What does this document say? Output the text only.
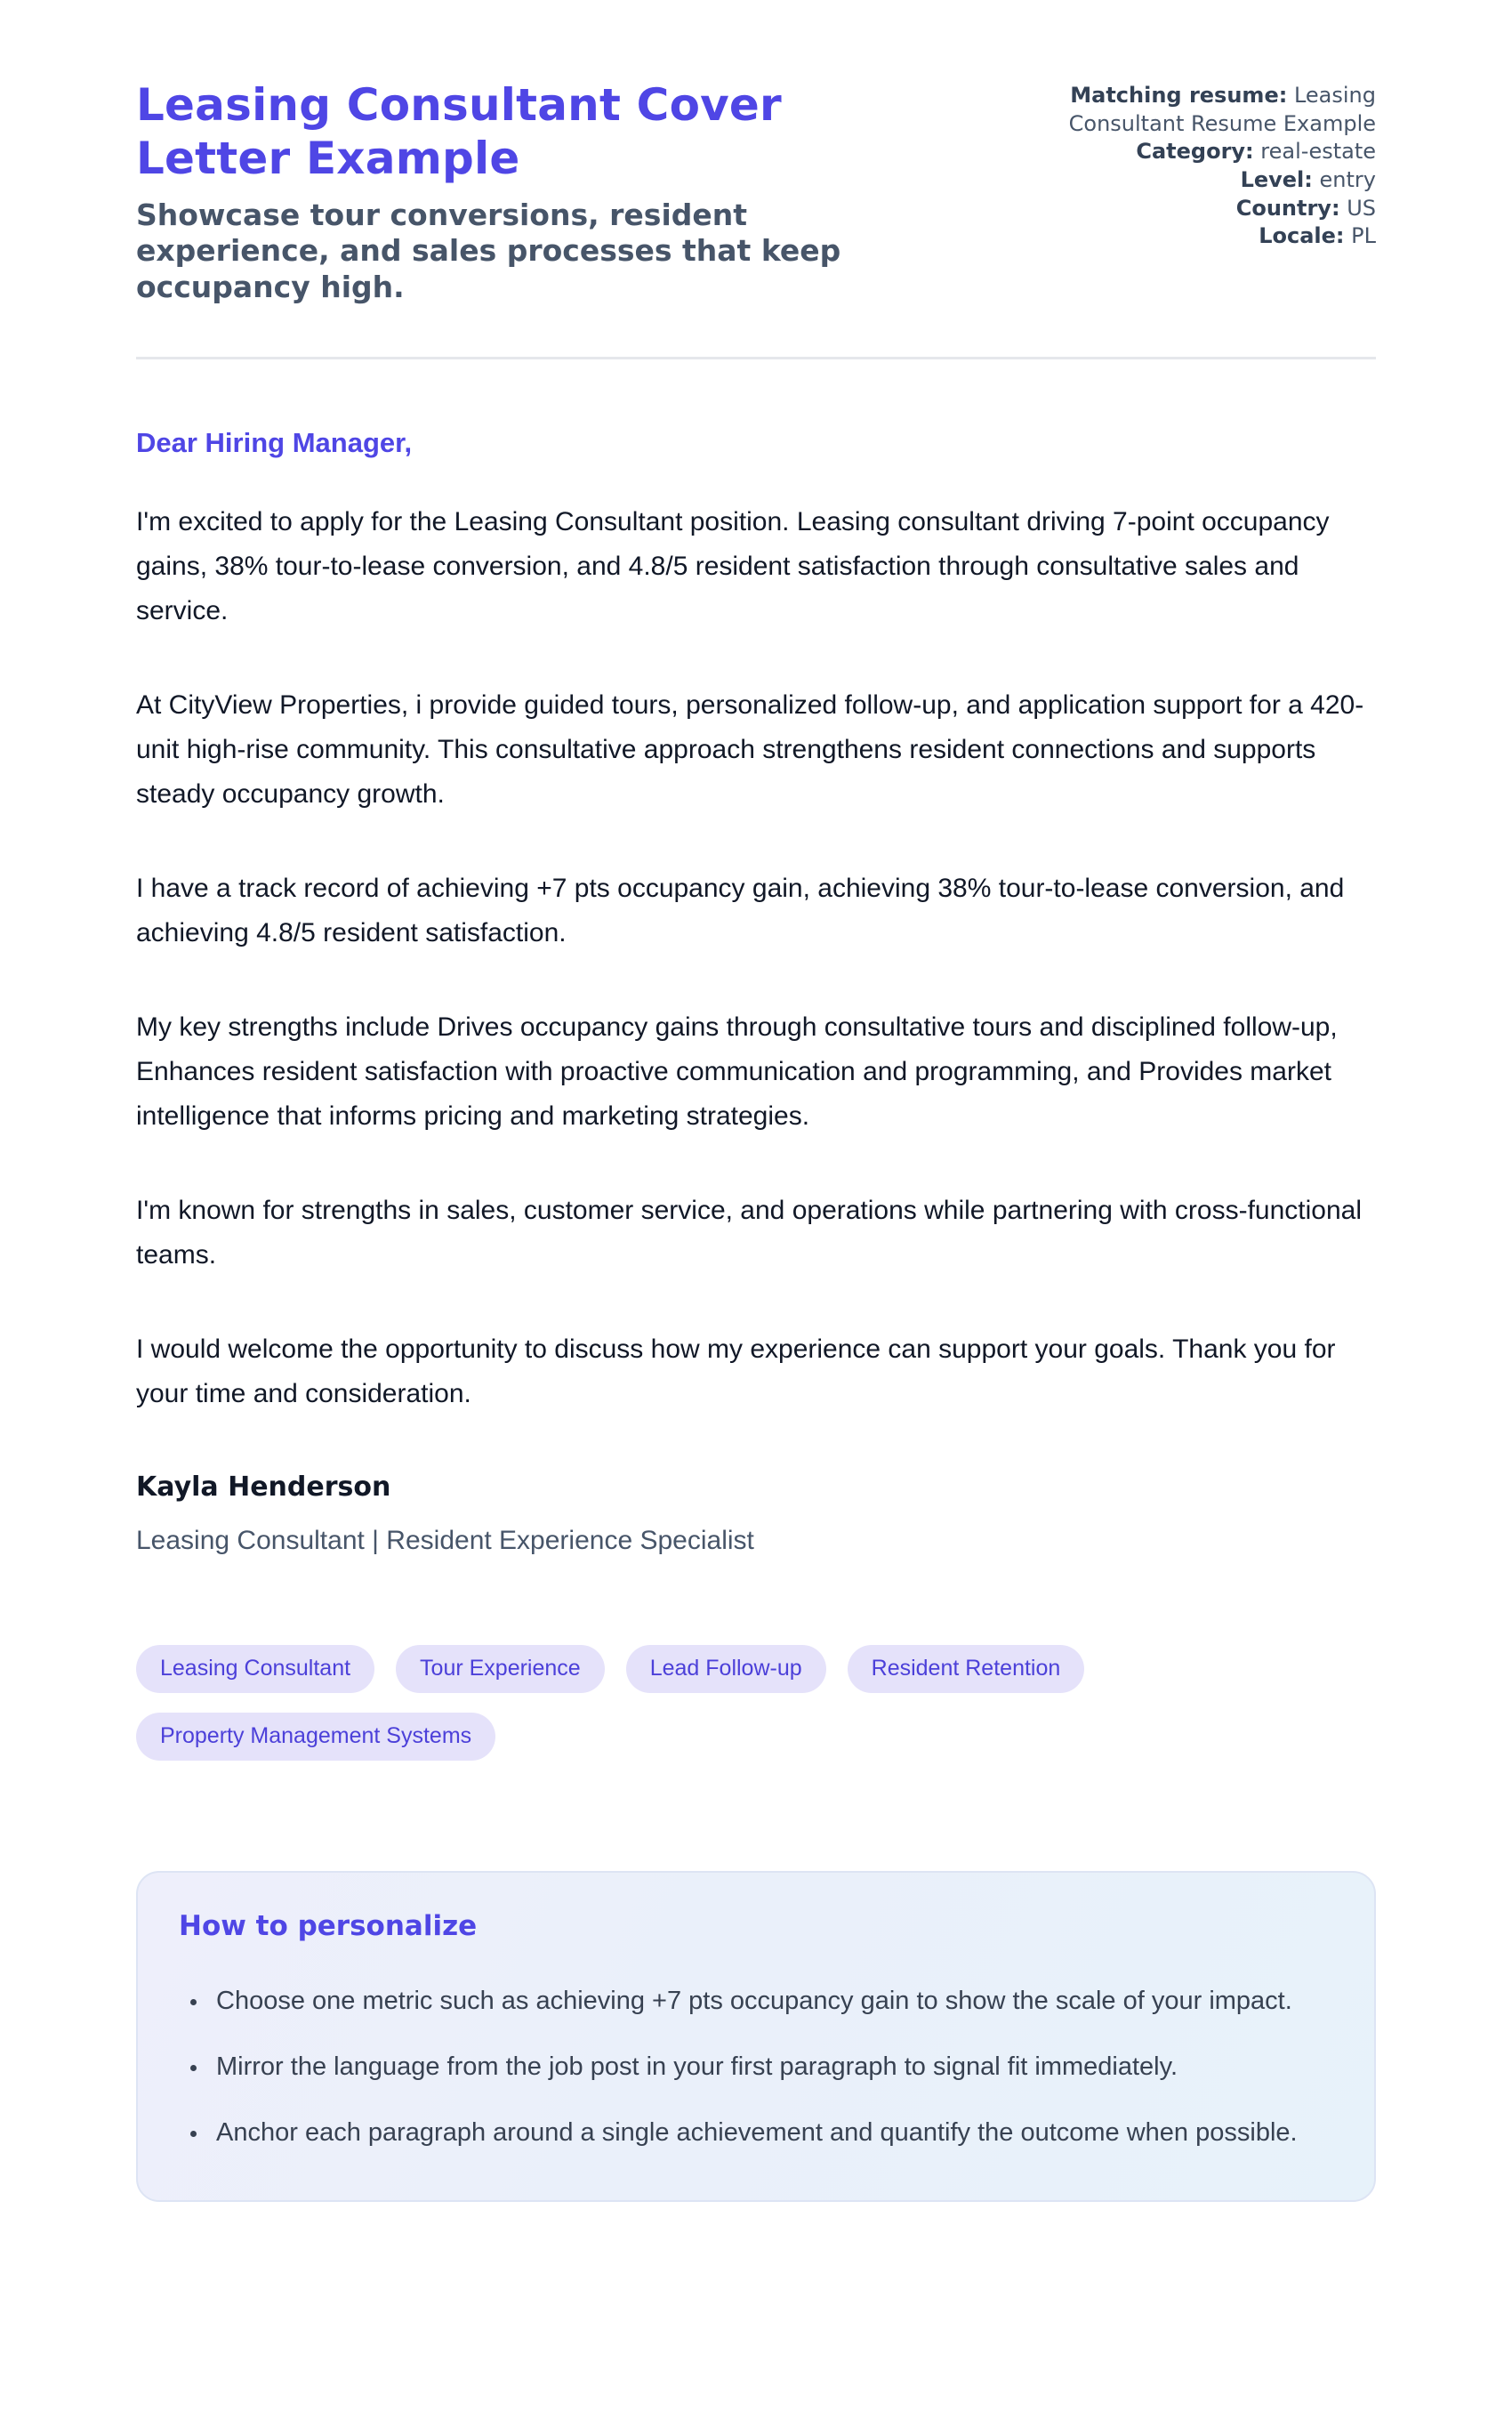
Leasing Consultant Cover Letter Example

Showcase tour conversions, resident experience, and sales processes that keep occupancy high.

Matching resume: Leasing Consultant Resume Example
Category: real-estate
Level: entry
Country: US
Locale: PL

Dear Hiring Manager,

I'm excited to apply for the Leasing Consultant position. Leasing consultant driving 7-point occupancy gains, 38% tour-to-lease conversion, and 4.8/5 resident satisfaction through consultative sales and service.

At CityView Properties, i provide guided tours, personalized follow-up, and application support for a 420-unit high-rise community. This consultative approach strengthens resident connections and supports steady occupancy growth.

I have a track record of achieving +7 pts occupancy gain, achieving 38% tour-to-lease conversion, and achieving 4.8/5 resident satisfaction.

My key strengths include Drives occupancy gains through consultative tours and disciplined follow-up, Enhances resident satisfaction with proactive communication and programming, and Provides market intelligence that informs pricing and marketing strategies.

I'm known for strengths in sales, customer service, and operations while partnering with cross-functional teams.

I would welcome the opportunity to discuss how my experience can support your goals. Thank you for your time and consideration.

Kayla Henderson

Leasing Consultant | Resident Experience Specialist

Leasing Consultant	Tour Experience	Lead Follow-up	Resident Retention
Property Management Systems
How to personalize
• Choose one metric such as achieving +7 pts occupancy gain to show the scale of your impact.
• Mirror the language from the job post in your first paragraph to signal fit immediately.
• Anchor each paragraph around a single achievement and quantify the outcome when possible.
